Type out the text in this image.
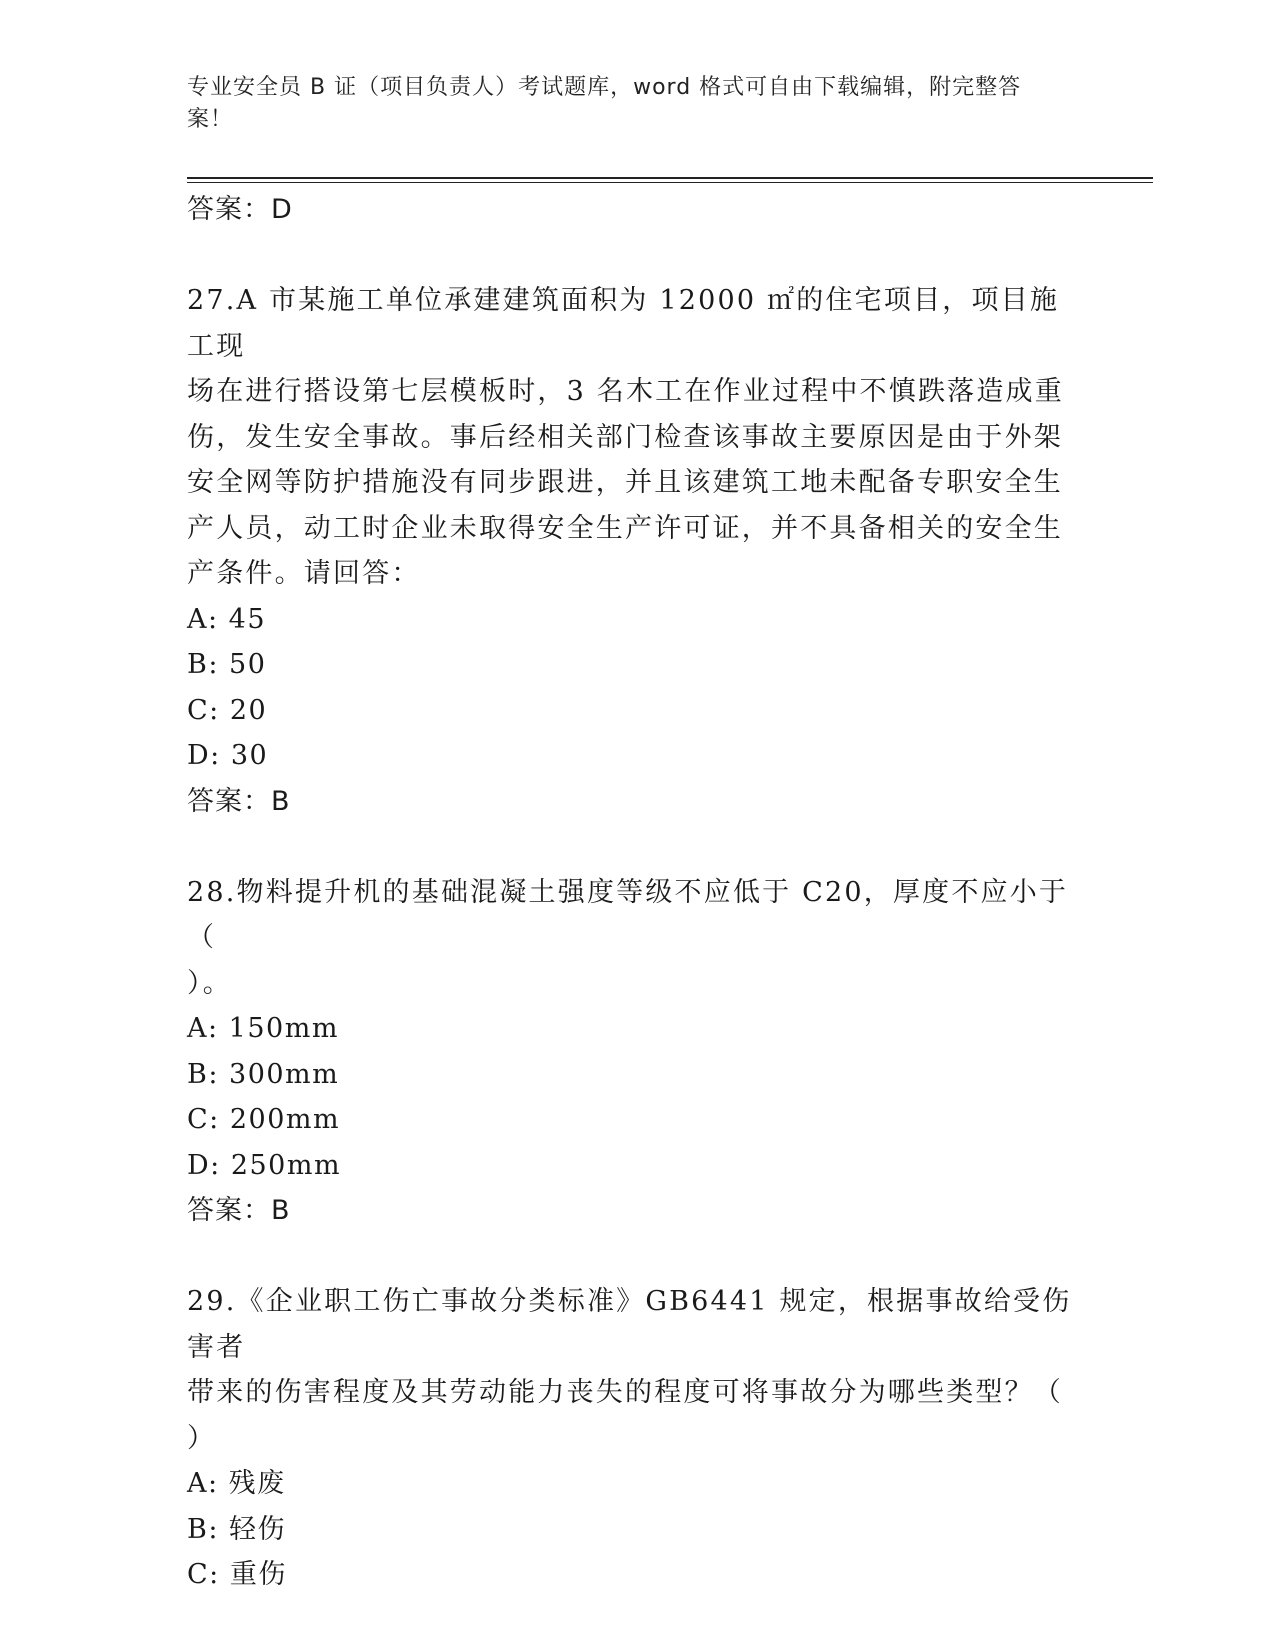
专业安全员 B 证（项目负责人）考试题库，word 格式可自由下载编辑，附完整答
案！

答案：D

27.A 市某施工单位承建建筑面积为 12000 ㎡的住宅项目，项目施工现

场在进行搭设第七层模板时，3 名木工在作业过程中不慎跌落造成重

伤，发生安全事故。事后经相关部门检查该事故主要原因是由于外架

安全网等防护措施没有同步跟进，并且该建筑工地未配备专职安全生

产人员，动工时企业未取得安全生产许可证，并不具备相关的安全生

产条件。请回答：

A: 45

B: 50

C: 20

D: 30

答案：B

28.物料提升机的基础混凝土强度等级不应低于 C20，厚度不应小于（

）。

A: 150mm

B: 300mm

C: 200mm

D: 250mm

答案：B

29.《企业职工伤亡事故分类标准》GB6441 规定，根据事故给受伤害者

带来的伤害程度及其劳动能力丧失的程度可将事故分为哪些类型？（

）

A: 残废

B: 轻伤

C: 重伤
